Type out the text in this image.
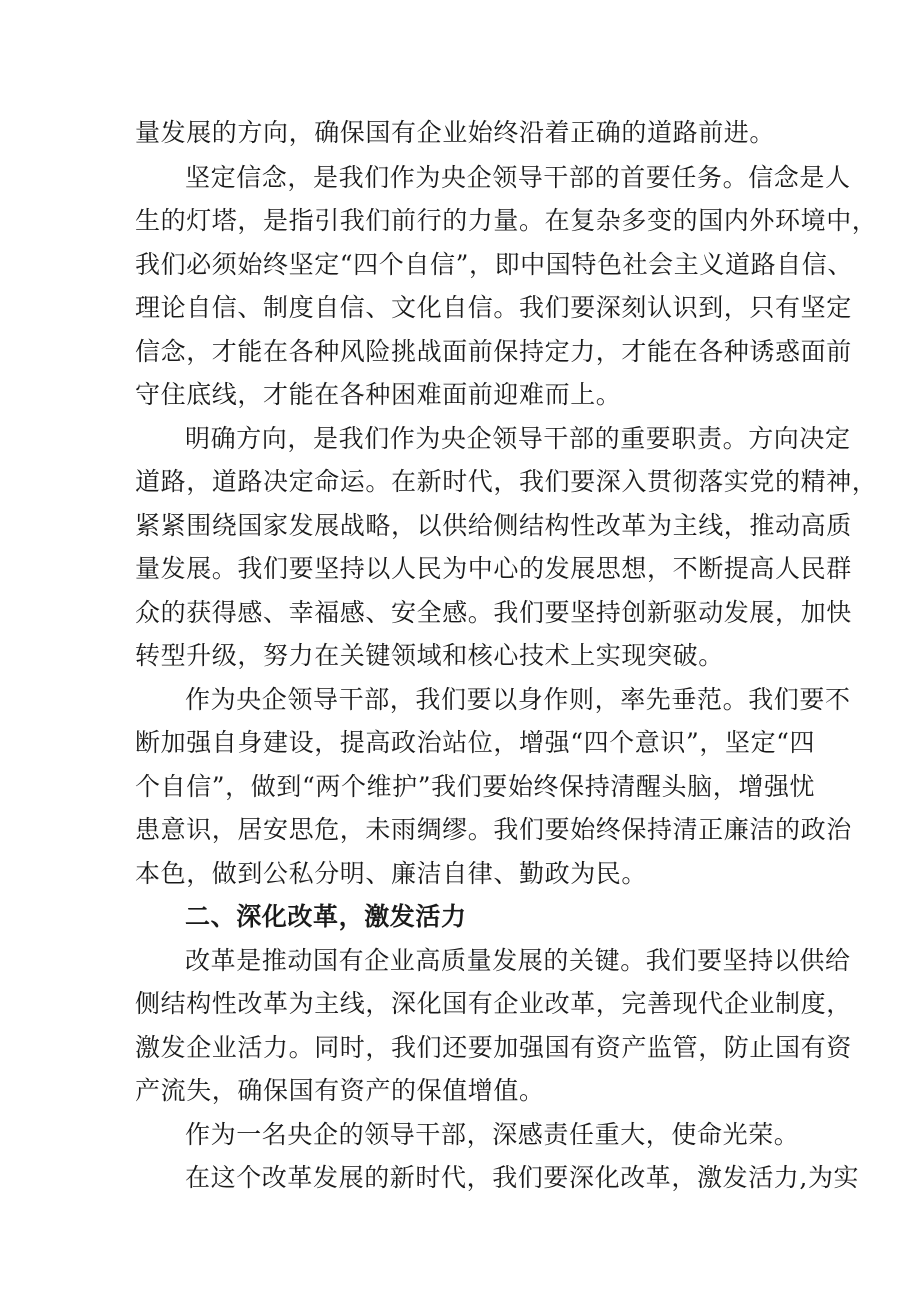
量发展的方向，确保国有企业始终沿着正确的道路前进。
坚定信念，是我们作为央企领导干部的首要任务。信念是人
生的灯塔，是指引我们前行的力量。在复杂多变的国内外环境中，
我们必须始终坚定“四个自信”，即中国特色社会主义道路自信、
理论自信、制度自信、文化自信。我们要深刻认识到，只有坚定
信念，才能在各种风险挑战面前保持定力，才能在各种诱惑面前
守住底线，才能在各种困难面前迎难而上。
明确方向，是我们作为央企领导干部的重要职责。方向决定
道路，道路决定命运。在新时代，我们要深入贯彻落实党的精神，
紧紧围绕国家发展战略，以供给侧结构性改革为主线，推动高质
量发展。我们要坚持以人民为中心的发展思想，不断提高人民群
众的获得感、幸福感、安全感。我们要坚持创新驱动发展，加快
转型升级，努力在关键领域和核心技术上实现突破。
作为央企领导干部，我们要以身作则，率先垂范。我们要不
断加强自身建设，提高政治站位，增强“四个意识”，坚定“四
个自信”，做到“两个维护”我们要始终保持清醒头脑，增强忧
患意识，居安思危，未雨绸缪。我们要始终保持清正廉洁的政治
本色，做到公私分明、廉洁自律、勤政为民。
二、深化改革，激发活力
改革是推动国有企业高质量发展的关键。我们要坚持以供给
侧结构性改革为主线，深化国有企业改革，完善现代企业制度，
激发企业活力。同时，我们还要加强国有资产监管，防止国有资
产流失，确保国有资产的保值增值。
作为一名央企的领导干部，深感责任重大，使命光荣。
在这个改革发展的新时代，我们要深化改革，激发活力,为实
